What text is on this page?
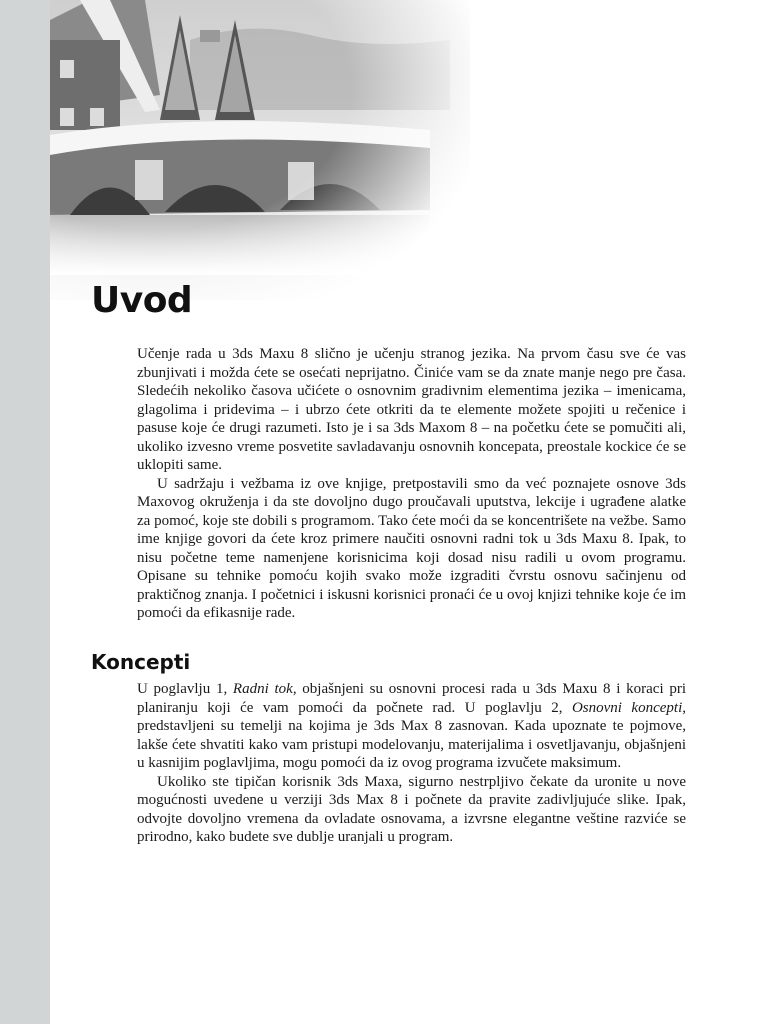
Uvod

Učenje rada u 3ds Maxu 8 slično je učenju stranog jezika. Na prvom času sve će vas zbunjivati i možda ćete se osećati neprijatno. Činiće vam se da znate manje nego pre časa. Sledećih nekoliko časova učićete o osnovnim gradivnim elementima jezika – imenicama, glagolima i pridevima – i ubrzo ćete otkriti da te elemente možete spojiti u rečenice i pasuse koje će drugi razumeti. Isto je i sa 3ds Maxom 8 – na početku ćete se pomučiti ali, ukoliko izvesno vreme posvetite savladavanju osnovnih koncepata, preostale kockice će se uklopiti same.

U sadržaju i vežbama iz ove knjige, pretpostavili smo da već poznajete osnove 3ds Maxovog okruženja i da ste dovoljno dugo proučavali uputstva, lekcije i ugrađene alatke za pomoć, koje ste dobili s programom. Tako ćete moći da se koncentrišete na vežbe. Samo ime knjige govori da ćete kroz primere naučiti osnovni radni tok u 3ds Maxu 8. Ipak, to nisu početne teme namenjene korisnicima koji dosad nisu radili u ovom programu. Opisane su tehnike pomoću kojih svako može izgraditi čvrstu osnovu sačinjenu od praktičnog znanja. I početnici i iskusni korisnici pronaći će u ovoj knjizi tehnike koje će im pomoći da efikasnije rade.

Koncepti

U poglavlju 1, Radni tok, objašnjeni su osnovni procesi rada u 3ds Maxu 8 i koraci pri planiranju koji će vam pomoći da počnete rad. U poglavlju 2, Osnovni koncepti, predstavljeni su temelji na kojima je 3ds Max 8 zasnovan. Kada upoznate te pojmove, lakše ćete shvatiti kako vam pristupi modelovanju, materijalima i osvetljavanju, objašnjeni u kasnijim poglavljima, mogu pomoći da iz ovog programa izvučete maksimum.

Ukoliko ste tipičan korisnik 3ds Maxa, sigurno nestrpljivo čekate da uronite u nove mogućnosti uvedene u verziji 3ds Max 8 i počnete da pravite zadivljujuće slike. Ipak, odvojte dovoljno vremena da ovladate osnovama, a izvrsne elegantne veštine razviće se prirodno, kako budete sve dublje uranjali u program.
